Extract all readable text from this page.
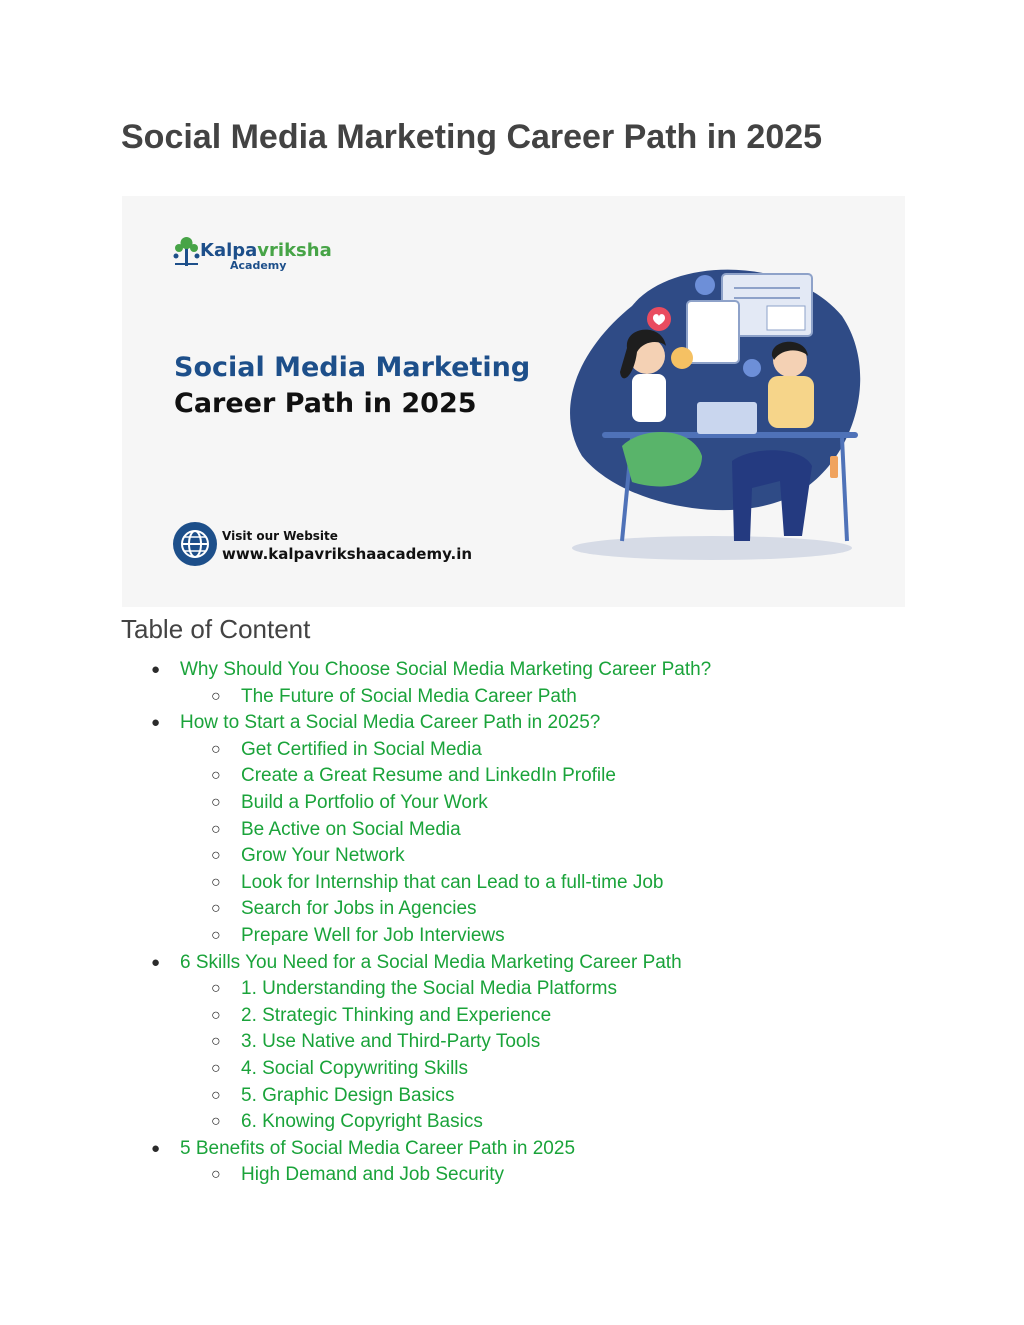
Social Media Marketing Career Path in 2025
Kalpavriksha
Academy
Social Media Marketing
Career Path in 2025
Visit our Website
www.kalpavrikshaacademy.in
Table of Content
● Why Should You Choose Social Media Marketing Career Path?
○ The Future of Social Media Career Path
● How to Start a Social Media Career Path in 2025?
○ Get Certified in Social Media
○ Create a Great Resume and LinkedIn Profile
○ Build a Portfolio of Your Work
○ Be Active on Social Media
○ Grow Your Network
○ Look for Internship that can Lead to a full-time Job
○ Search for Jobs in Agencies
○ Prepare Well for Job Interviews
● 6 Skills You Need for a Social Media Marketing Career Path
○ 1. Understanding the Social Media Platforms
○ 2. Strategic Thinking and Experience
○ 3. Use Native and Third-Party Tools
○ 4. Social Copywriting Skills
○ 5. Graphic Design Basics
○ 6. Knowing Copyright Basics
● 5 Benefits of Social Media Career Path in 2025
○ High Demand and Job Security
